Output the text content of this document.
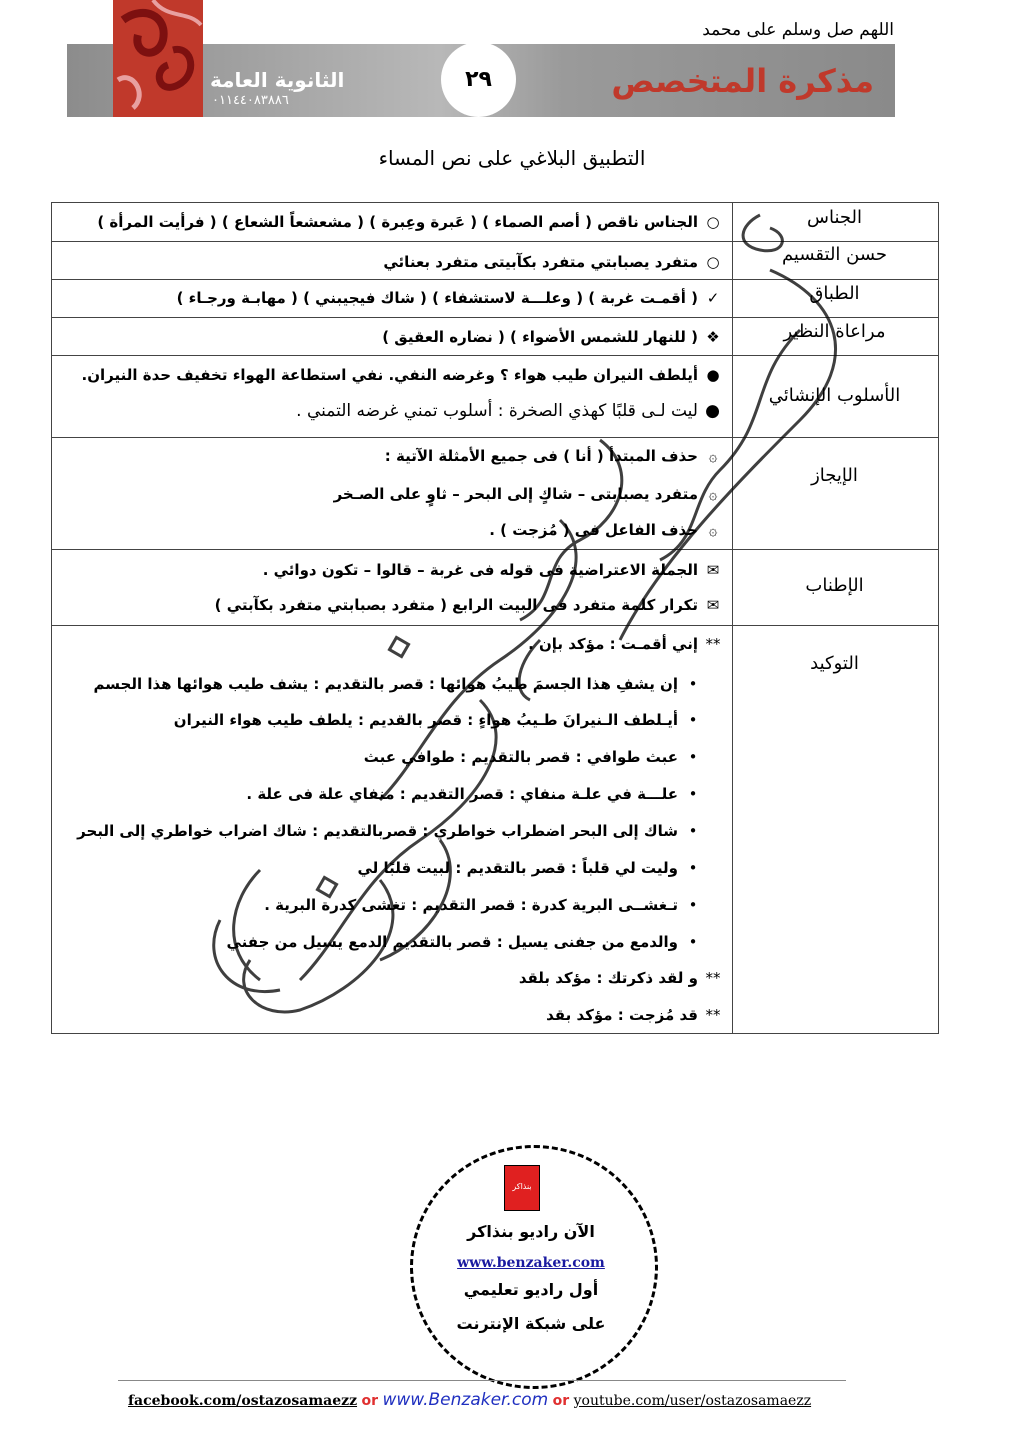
اللهم صل وسلم على محمد
الثانوية العامة
٠١١٤٤٠٨٣٨٨٦
٢٩	مذكرة المتخصص
التطبيق البلاغي على نص المساء
الجناس
حسن التقسيم
الطباق
مراعاة النظير
الأسلوب الإنشائي
الإيجاز
الإطناب
التوكيد
○الجناس ناقص ( أصم الصماء ) ( عَبرة وعِبرة ) ( مشعشعاً الشعاع ) ( فرأيت المرأة )
○متفرد يصبابتي متفرد بكآبيتى متفرد بعنائي
✓( أقمـت غربة ) ( وعلـــة لاستشفاء ) ( شاك فيجيبني ) ( مهابـة ورجـاء )
❖( للنهار للشمس الأضواء ) ( نضاره العقيق )
●أيلطف النيران طيب هواء ؟ وغرضه النفي. نفي استطاعة الهواء تخفيف حدة النيران.
●ليت لـى قلبًا كهذي الصخرة : أسلوب تمني غرضه التمني .
۞حذف المبتدأ ( أنا ) فى جميع الأمثلة الآتية :
۞متفرد يصبابتى – شاكٍ إلى البحر – ثاوٍ على الصـخر
۞حذف الفاعل فى ( مُزجت ) .
✉الجملة الاعتراضية فى قوله فى غربة – قالوا – تكون دوائي .
✉تكرار كلمة متفرد فى البيت الرابع ( متفرد بصبابتي متفرد بكآبتي )
**إني أقمـت : مؤكد بإن .
•إن يشفِ هذا الجسمَ طيبُ هوائها : قصر بالتقديم : يشف طيب هوائها هذا الجسم
•أيـلطف الـنيرانَ طـيبُ هواءٍ : قصر بالقديم : يلطف طيب هواء النيران
•عبث طوافي : قصر بالتقديم : طوافي عبث
•علـــة في علـة منفاي : قصر التقديم : منفاي علة فى علة .
•شاك إلى البحر اضطراب خواطري : قصربالتقديم : شاك اضراب خواطري إلى البحر
•وليت لي قلباً : قصر بالتقديم : لبيت قلبًا لي
•تـغشــى البرية كدرة : قصر التقديم : تغشى كدرة البرية .
•والدمع من جفنى يسيل : قصر بالتقديم الدمع يسيل من جفني
**و لقد ذكرتك : مؤكد بلقد
**قد مُزجت : مؤكد بقد
بنذاكر
الآن راديو بنذاكر
www.benzaker.com
أول راديو تعليمي
على شبكة الإنترنت
facebook.com/ostazosamaezz or www.Benzaker.com or youtube.com/user/ostazosamaezz
